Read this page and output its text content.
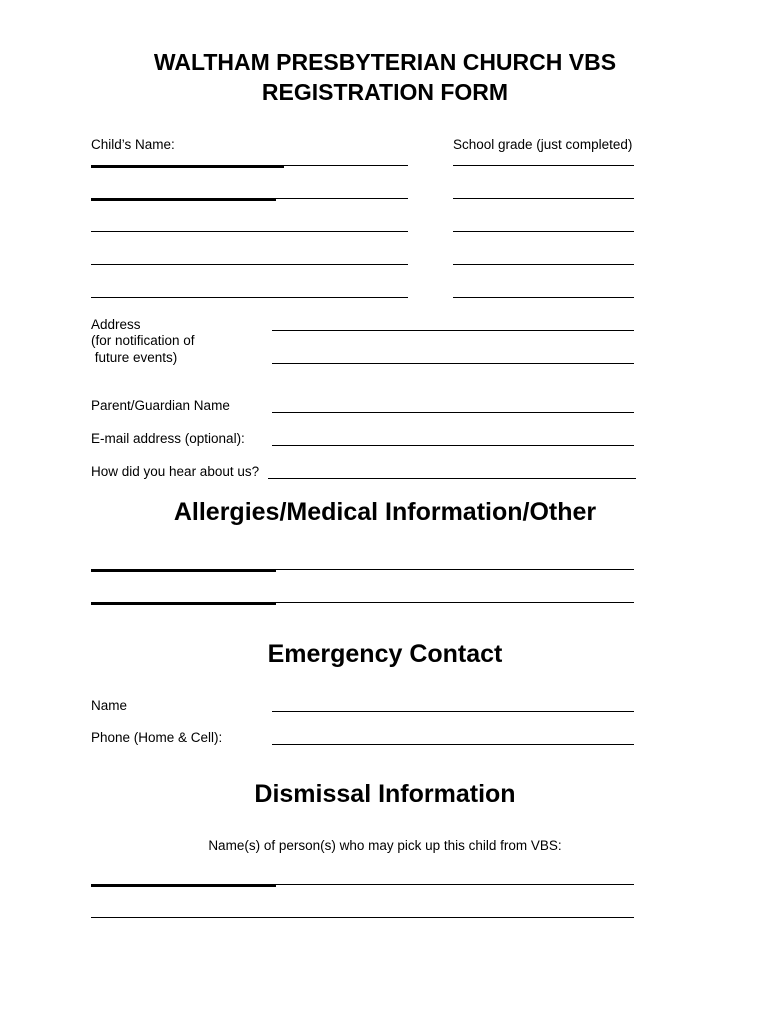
WALTHAM PRESBYTERIAN CHURCH VBS
REGISTRATION FORM
Child’s Name:	School grade (just completed)
Address
(for notification of
future events)
Parent/Guardian Name
E-mail address (optional):
How did you hear about us?
Allergies/Medical Information/Other
Emergency Contact
Name
Phone (Home & Cell):
Dismissal Information
Name(s) of person(s) who may pick up this child from VBS:
